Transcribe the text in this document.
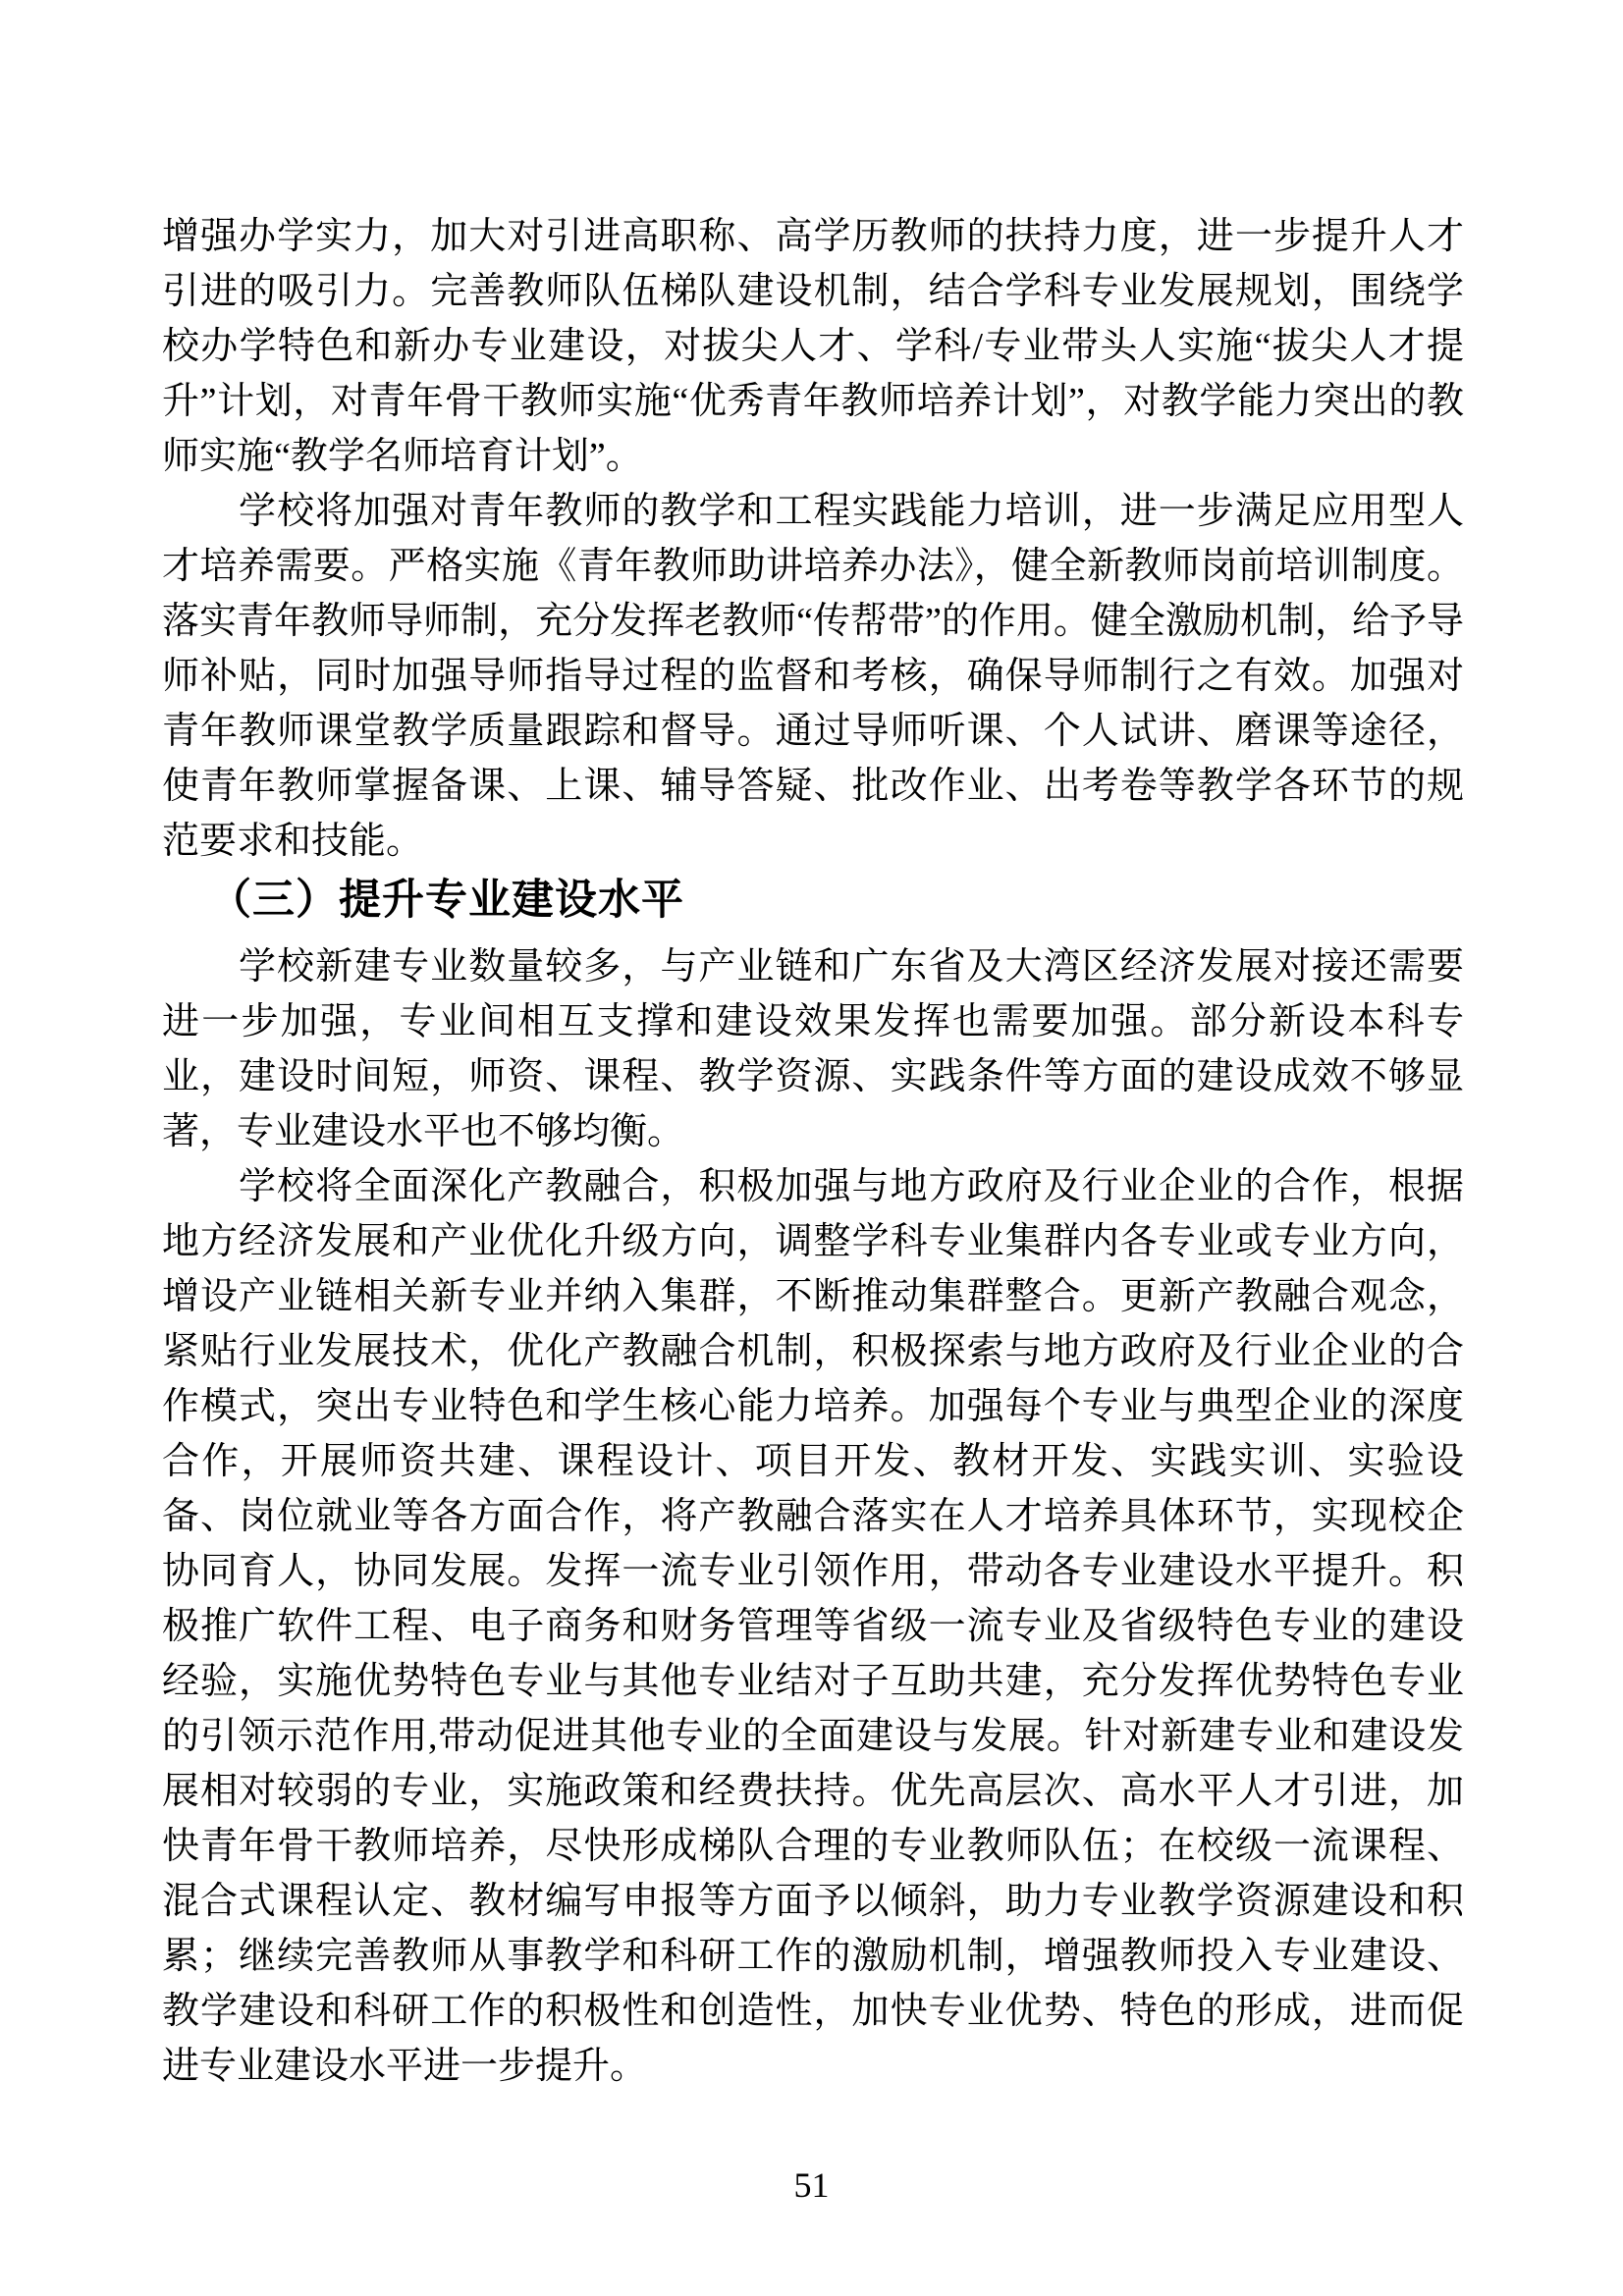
增强办学实力，加大对引进高职称、高学历教师的扶持力度，进一步提升人才引进的吸引力。完善教师队伍梯队建设机制，结合学科专业发展规划，围绕学校办学特色和新办专业建设，对拔尖人才、学科/专业带头人实施“拔尖人才提升”计划，对青年骨干教师实施“优秀青年教师培养计划”，对教学能力突出的教师实施“教学名师培育计划”。
学校将加强对青年教师的教学和工程实践能力培训，进一步满足应用型人才培养需要。严格实施《青年教师助讲培养办法》，健全新教师岗前培训制度。落实青年教师导师制，充分发挥老教师“传帮带”的作用。健全激励机制，给予导师补贴，同时加强导师指导过程的监督和考核，确保导师制行之有效。加强对青年教师课堂教学质量跟踪和督导。通过导师听课、个人试讲、磨课等途径，使青年教师掌握备课、上课、辅导答疑、批改作业、出考卷等教学各环节的规范要求和技能。
（三）提升专业建设水平
学校新建专业数量较多，与产业链和广东省及大湾区经济发展对接还需要进一步加强，专业间相互支撑和建设效果发挥也需要加强。部分新设本科专业，建设时间短，师资、课程、教学资源、实践条件等方面的建设成效不够显著，专业建设水平也不够均衡。
学校将全面深化产教融合，积极加强与地方政府及行业企业的合作，根据地方经济发展和产业优化升级方向，调整学科专业集群内各专业或专业方向，增设产业链相关新专业并纳入集群，不断推动集群整合。更新产教融合观念，紧贴行业发展技术，优化产教融合机制，积极探索与地方政府及行业企业的合作模式，突出专业特色和学生核心能力培养。加强每个专业与典型企业的深度合作，开展师资共建、课程设计、项目开发、教材开发、实践实训、实验设备、岗位就业等各方面合作，将产教融合落实在人才培养具体环节，实现校企协同育人，协同发展。发挥一流专业引领作用，带动各专业建设水平提升。积极推广软件工程、电子商务和财务管理等省级一流专业及省级特色专业的建设经验，实施优势特色专业与其他专业结对子互助共建，充分发挥优势特色专业的引领示范作用,带动促进其他专业的全面建设与发展。针对新建专业和建设发展相对较弱的专业，实施政策和经费扶持。优先高层次、高水平人才引进，加快青年骨干教师培养，尽快形成梯队合理的专业教师队伍；在校级一流课程、混合式课程认定、教材编写申报等方面予以倾斜，助力专业教学资源建设和积累；继续完善教师从事教学和科研工作的激励机制，增强教师投入专业建设、教学建设和科研工作的积极性和创造性，加快专业优势、特色的形成，进而促进专业建设水平进一步提升。
51
